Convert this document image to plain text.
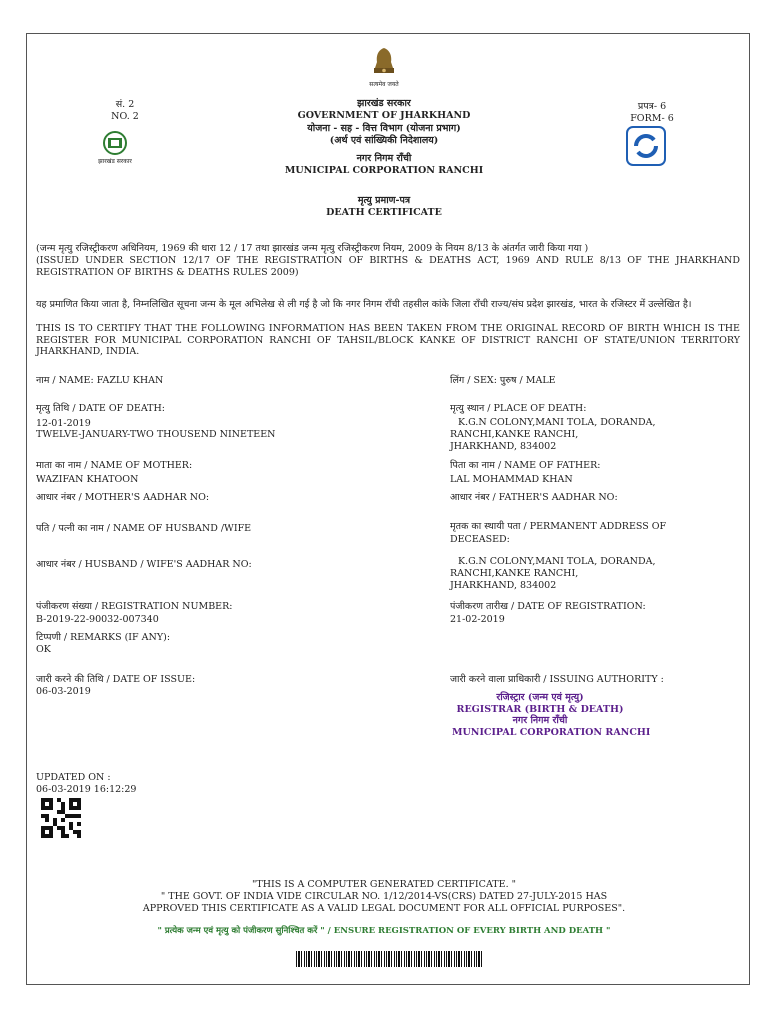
सत्यमेव जयते
सं. 2
NO. 2
झारखंड सरकार
प्रपत्र- 6
FORM- 6
झारखंड सरकार
GOVERNMENT OF JHARKHAND
योजना - सह - वित्त विभाग (योजना प्रभाग)
(अर्थ एवं सांख्यिकी निदेशालय)
नगर निगम राँची
MUNICIPAL CORPORATION RANCHI
मृत्यु प्रमाण-पत्र
DEATH CERTIFICATE
(जन्म मृत्यु रजिस्ट्रीकरण अधिनियम, 1969 की धारा 12 / 17 तथा झारखंड जन्म मृत्यु रजिस्ट्रीकरण नियम, 2009 के नियम 8/13 के अंतर्गत जारी किया गया )
(ISSUED UNDER SECTION 12/17 OF THE REGISTRATION OF BIRTHS & DEATHS ACT, 1969 AND RULE 8/13 OF THE JHARKHAND REGISTRATION OF BIRTHS & DEATHS RULES 2009)
यह प्रमाणित किया जाता है, निम्नलिखित सूचना जन्म के मूल अभिलेख से ली गई है जो कि नगर निगम राँची तहसील कांके जिला राँची राज्य/संघ प्रदेश झारखंड, भारत के रजिस्टर में उल्लेखित है।
THIS IS TO CERTIFY THAT THE FOLLOWING INFORMATION HAS BEEN TAKEN FROM THE ORIGINAL RECORD OF BIRTH WHICH IS THE REGISTER FOR MUNICIPAL CORPORATION RANCHI OF TAHSIL/BLOCK KANKE OF DISTRICT RANCHI OF STATE/UNION TERRITORY JHARKHAND, INDIA.
नाम / NAME: FAZLU KHAN	लिंग / SEX: पुरुष / MALE
मृत्यु तिथि / DATE OF DEATH:
12-01-2019
TWELVE-JANUARY-TWO THOUSEND NINETEEN
मृत्यु स्थान / PLACE OF DEATH:
K.G.N COLONY,MANI TOLA, DORANDA,
RANCHI,KANKE RANCHI,
JHARKHAND, 834002
माता का नाम / NAME OF MOTHER:
WAZIFAN KHATOON
पिता का नाम / NAME OF FATHER:
LAL MOHAMMAD KHAN
आधार नंबर / MOTHER'S AADHAR NO:	आधार नंबर / FATHER'S AADHAR NO:
पति / पत्नी का नाम / NAME OF HUSBAND /WIFE	मृतक का स्थायी पता / PERMANENT ADDRESS OF
DECEASED:
आधार नंबर / HUSBAND / WIFE'S AADHAR NO:	K.G.N COLONY,MANI TOLA, DORANDA,
RANCHI,KANKE RANCHI,
JHARKHAND, 834002
पंजीकरण संख्या / REGISTRATION NUMBER:
B-2019-22-90032-007340
पंजीकरण तारीख / DATE OF REGISTRATION:
21-02-2019
टिप्पणी / REMARKS (IF ANY):
OK
जारी करने की तिथि / DATE OF ISSUE:
06-03-2019
जारी करने वाला प्राधिकारी / ISSUING AUTHORITY :
रजिस्ट्रार (जन्म एवं मृत्यु)
REGISTRAR (BIRTH & DEATH)
नगर निगम राँची
MUNICIPAL CORPORATION RANCHI
UPDATED ON :
06-03-2019 16:12:29
"THIS IS A COMPUTER GENERATED CERTIFICATE. "
" THE GOVT. OF INDIA VIDE CIRCULAR NO. 1/12/2014-VS(CRS) DATED 27-JULY-2015 HAS
APPROVED THIS CERTIFICATE AS A VALID LEGAL DOCUMENT FOR ALL OFFICIAL PURPOSES".
" प्रत्येक जन्म एवं मृत्यु को पंजीकरण सुनिश्चित करें " / ENSURE REGISTRATION OF EVERY BIRTH AND DEATH "
